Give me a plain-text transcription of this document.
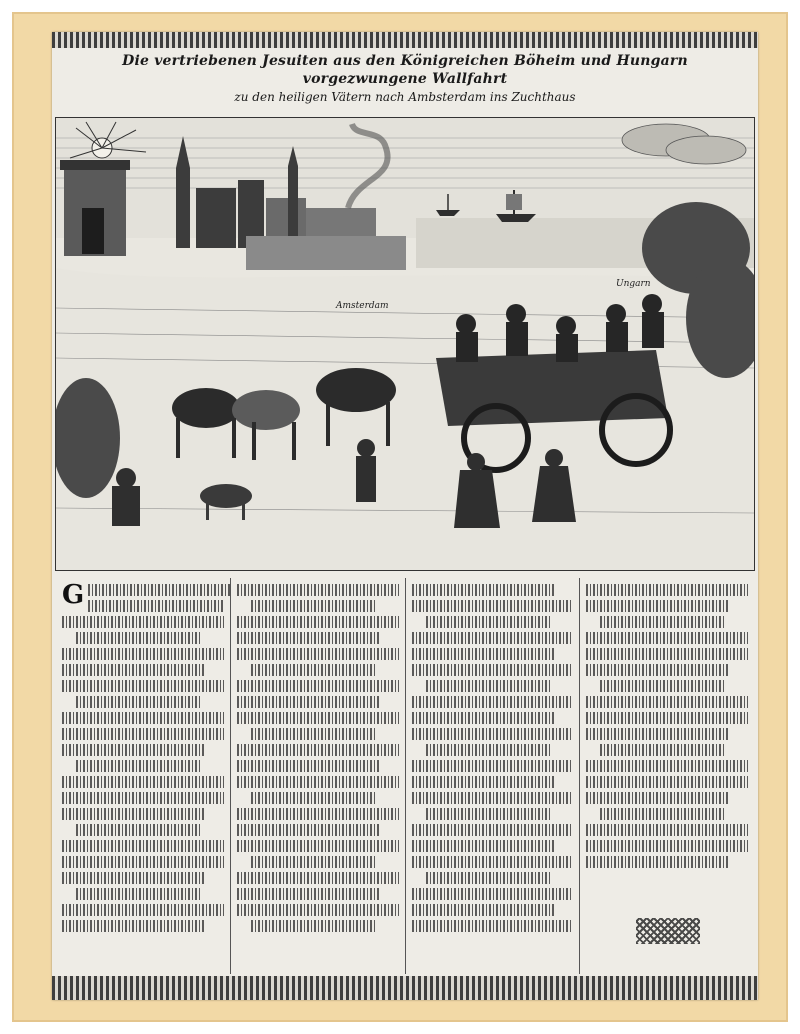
Die vertriebenen Jesuiten aus den Königreichen Böheim und Hungarn vorgezwungene Wallfahrt
zu den heiligen Vätern nach Ambsterdam ins Zuchthaus
Amsterdam
Ungarn
G
